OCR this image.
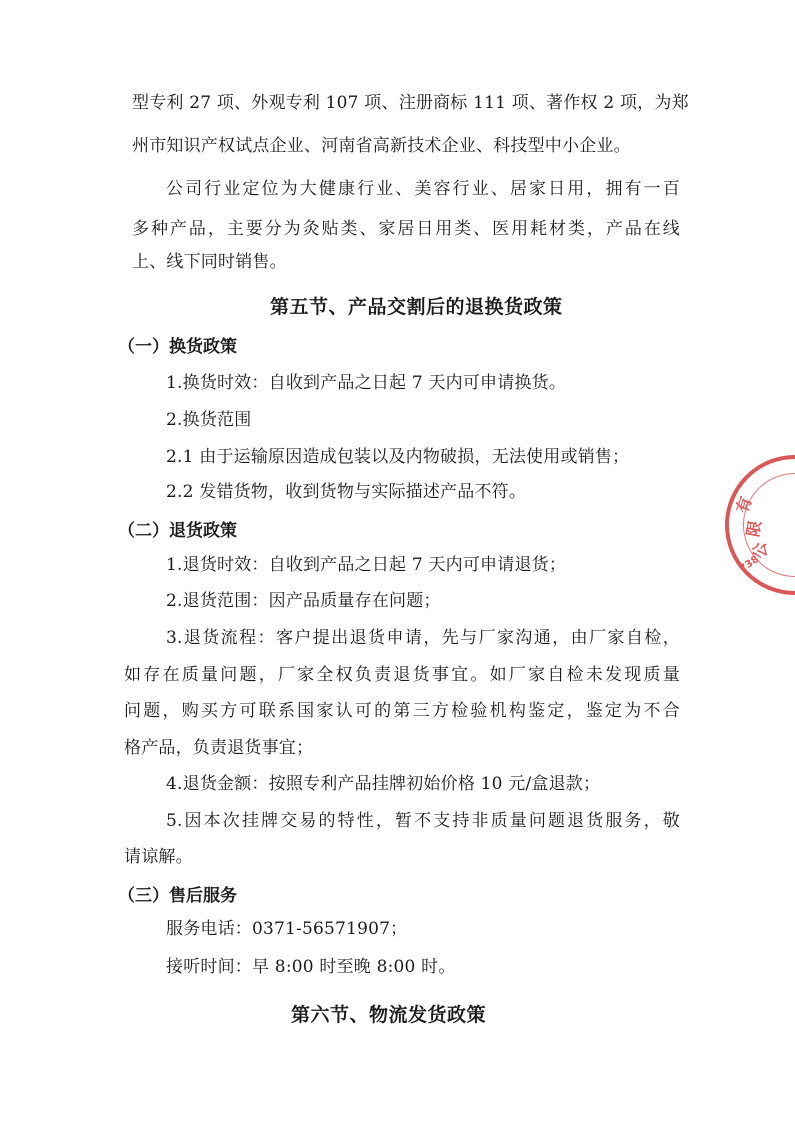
型专利 27 项、外观专利 107 项、注册商标 111 项、著作权 2 项，为郑
州市知识产权试点企业、河南省高新技术企业、科技型中小企业。
公司行业定位为大健康行业、美容行业、居家日用，拥有一百
多种产品，主要分为灸贴类、家居日用类、医用耗材类，产品在线
上、线下同时销售。
第五节、产品交割后的退换货政策
（一）换货政策
1.换货时效：自收到产品之日起 7 天内可申请换货。
2.换货范围
2.1 由于运输原因造成包装以及内物破损，无法使用或销售；
2.2 发错货物，收到货物与实际描述产品不符。
（二）退货政策
1.退货时效：自收到产品之日起 7 天内可申请退货；
2.退货范围：因产品质量存在问题；
3.退货流程：客户提出退货申请，先与厂家沟通，由厂家自检，
如存在质量问题，厂家全权负责退货事宜。如厂家自检未发现质量
问题，购买方可联系国家认可的第三方检验机构鉴定，鉴定为不合
格产品，负责退货事宜；
4.退货金额：按照专利产品挂牌初始价格 10 元/盒退款；
5.因本次挂牌交易的特性，暂不支持非质量问题退货服务，敬
请谅解。
（三）售后服务
服务电话：0371-56571907；
接听时间：早 8:00 时至晚 8:00 时。
第六节、物流发货政策
有
限
公
738
